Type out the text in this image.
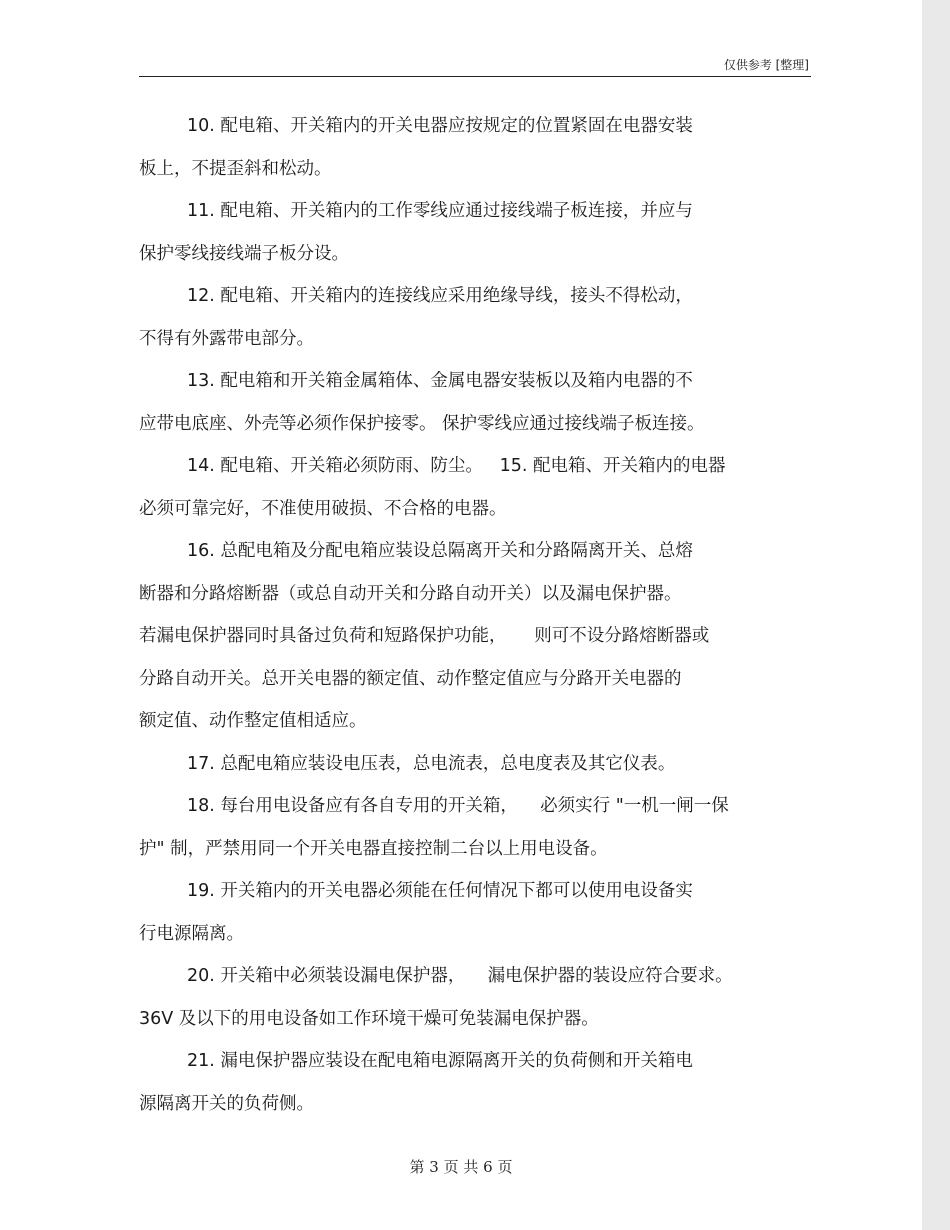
仅供参考 [整理]
10. 配电箱、开关箱内的开关电器应按规定的位置紧固在电器安装
板上，不提歪斜和松动。
11. 配电箱、开关箱内的工作零线应通过接线端子板连接，并应与
保护零线接线端子板分设。
12. 配电箱、开关箱内的连接线应采用绝缘导线，接头不得松动，
不得有外露带电部分。
13. 配电箱和开关箱金属箱体、金属电器安装板以及箱内电器的不
应带电底座、外壳等必须作保护接零。 保护零线应通过接线端子板连接。
14. 配电箱、开关箱必须防雨、防尘。   15. 配电箱、开关箱内的电器
必须可靠完好，不准使用破损、不合格的电器。
16. 总配电箱及分配电箱应装设总隔离开关和分路隔离开关、总熔
断器和分路熔断器（或总自动开关和分路自动开关）以及漏电保护器。
若漏电保护器同时具备过负荷和短路保护功能，     则可不设分路熔断器或
分路自动开关。总开关电器的额定值、动作整定值应与分路开关电器的
额定值、动作整定值相适应。
17. 总配电箱应装设电压表，总电流表，总电度表及其它仪表。
18. 每台用电设备应有各自专用的开关箱，    必须实行 "一机一闸一保
护" 制，严禁用同一个开关电器直接控制二台以上用电设备。
19. 开关箱内的开关电器必须能在任何情况下都可以使用电设备实
行电源隔离。
20. 开关箱中必须装设漏电保护器，    漏电保护器的装设应符合要求。
36V 及以下的用电设备如工作环境干燥可免装漏电保护器。
21. 漏电保护器应装设在配电箱电源隔离开关的负荷侧和开关箱电
源隔离开关的负荷侧。
第 3 页 共 6 页
